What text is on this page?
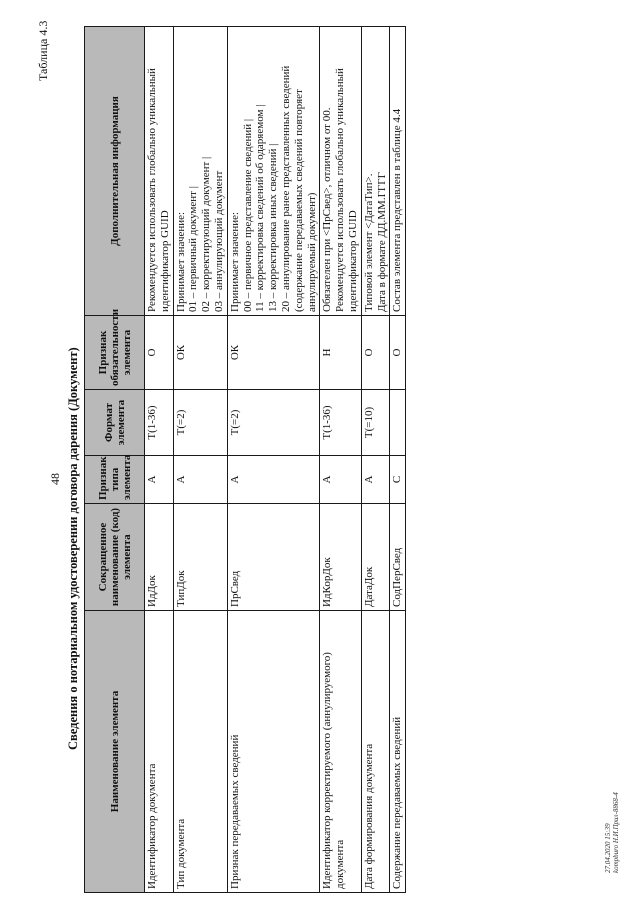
48
Таблица 4.3
Сведения о нотариальном удостоверении договора дарения (Документ)
Наименование элемента	Сокращенное наименование (код) элемента	Признак типа элемента	Формат элемента	Признак обязательности элемента	Дополнительная информация
Идентификатор документа	ИдДок	А	Т(1-36)	О	Рекомендуется использовать глобально уникальный идентификатор GUID
Тип документа	ТипДок	А	Т(=2)	ОК	Принимает значение:
01 – первичный документ |
02 – корректирующий документ |
03 – аннулирующий документ
Признак передаваемых сведений	ПрСвед	А	Т(=2)	ОК	Принимает значение:
00 – первичное представление сведений |
11 – корректировка сведений об одаряемом |
13 – корректировка иных сведений |
20 – аннулирование ранее представленных сведений (содержание передаваемых сведений повторяет аннулируемый документ)
Идентификатор корректируемого (аннулируемого) документа	ИдКорДок	А	Т(1-36)	Н	Обязателен при <ПрСвед>, отличном от 00.
Рекомендуется использовать глобально уникальный идентификатор GUID
Дата формирования документа	ДатаДок	А	Т(=10)	О	Типовой элемент <ДатаТип>.
Дата в формате ДД.ММ.ГГГГ
Содержание передаваемых сведений	СодПерСвед	С		О	Состав элемента представлен в таблице 4.4
27.04.2020 15:39 kompburo Н.И.Прил-8868-4
